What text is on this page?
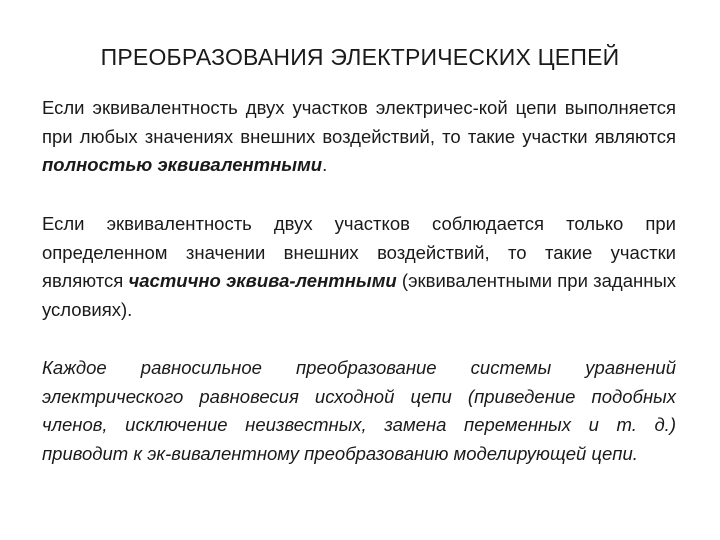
ПРЕОБРАЗОВАНИЯ ЭЛЕКТРИЧЕСКИХ ЦЕПЕЙ

Если эквивалентность двух участков электричес-кой цепи выполняется при любых значениях внешних воздействий, то такие участки являются полностью эквивалентными.

Если эквивалентность двух участков соблюдается только при определенном значении внешних воздействий, то такие участки являются частично эквива-лентными (эквивалентными при заданных условиях).

Каждое равносильное преобразование системы уравнений электрического равновесия исходной цепи (приведение подобных членов, исключение неизвестных, замена переменных и т. д.) приводит к эк-вивалентному преобразованию моделирующей цепи.
